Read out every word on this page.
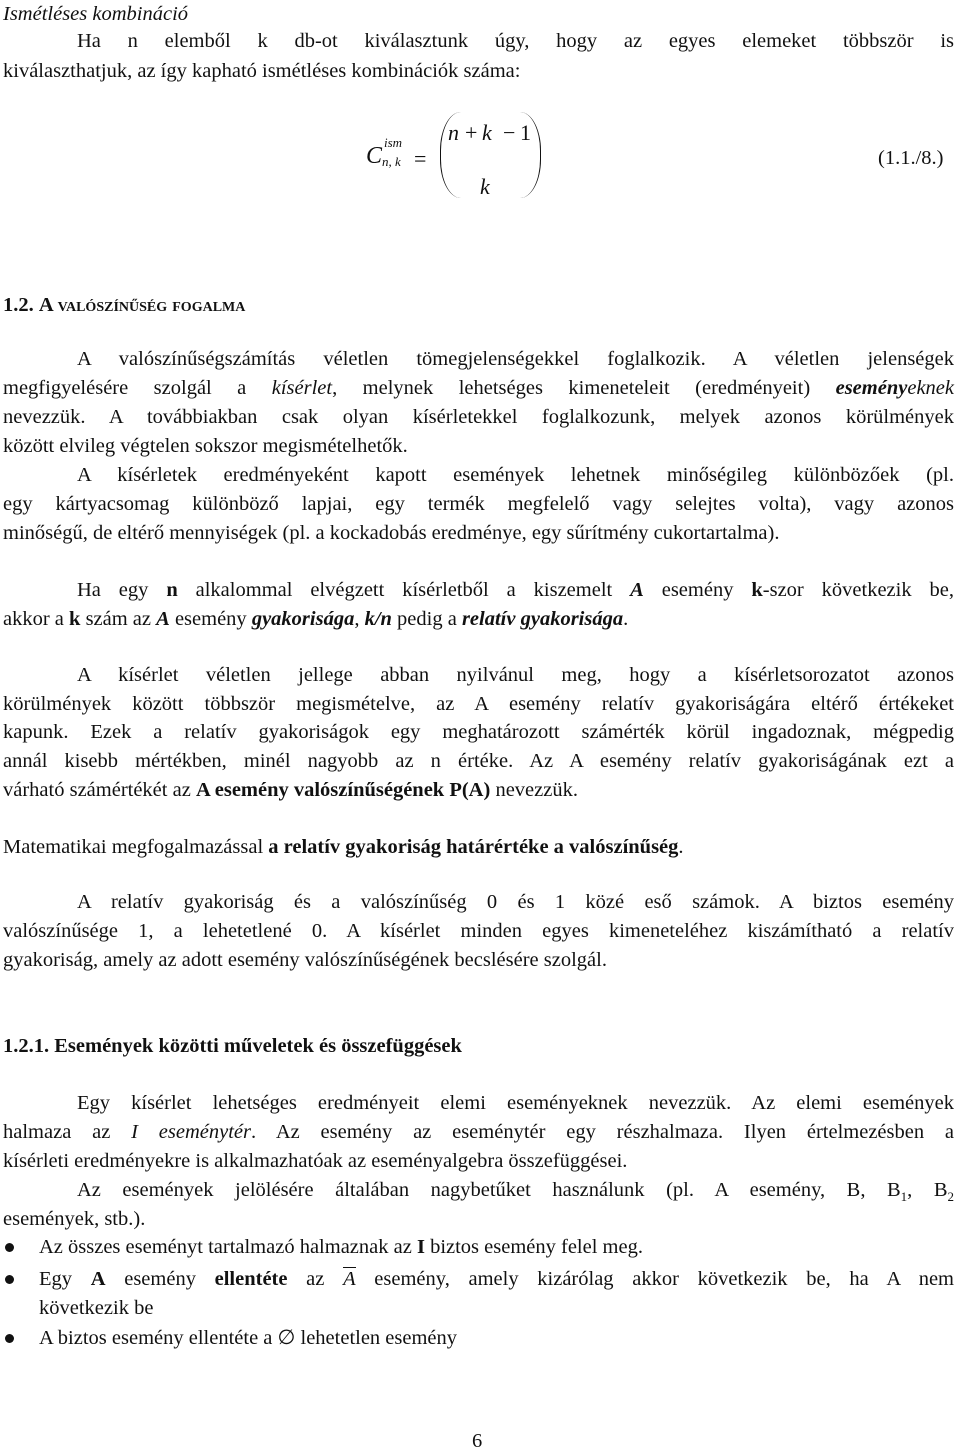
Ismétléses kombináció
Ha n elemből k db-ot kiválasztunk úgy, hogy az egyes elemeket többször is
kiválaszthatjuk, az így kapható ismétléses kombinációk száma:
C
ism
n, k =
n + k − 1
k
(1.1./8.)
1.2. A valószínűség fogalma
A valószínűségszámítás véletlen tömegjelenségekkel foglalkozik. A véletlen jelenségek
megfigyelésére szolgál a kísérlet, melynek lehetséges kimeneteleit (eredményeit) eseményeknek
nevezzük. A továbbiakban csak olyan kísérletekkel foglalkozunk, melyek azonos körülmények
között elvileg végtelen sokszor megismételhetők.
A kísérletek eredményeként kapott események lehetnek minőségileg különbözőek (pl.
egy kártyacsomag különböző lapjai, egy termék megfelelő vagy selejtes volta), vagy azonos
minőségű, de eltérő mennyiségek (pl. a kockadobás eredménye, egy sűrítmény cukortartalma).
Ha egy n alkalommal elvégzett kísérletből a kiszemelt A esemény k-szor következik be,
akkor a k szám az A esemény gyakorisága, k/n pedig a relatív gyakorisága.
A kísérlet véletlen jellege abban nyilvánul meg, hogy a kísérletsorozatot azonos
körülmények között többször megismételve, az A esemény relatív gyakoriságára eltérő értékeket
kapunk. Ezek a relatív gyakoriságok egy meghatározott számérték körül ingadoznak, mégpedig
annál kisebb mértékben, minél nagyobb az n értéke. Az A esemény relatív gyakoriságának ezt a
várható számértékét az A esemény valószínűségének P(A) nevezzük.
Matematikai megfogalmazással a relatív gyakoriság határértéke a valószínűség.
A relatív gyakoriság és a valószínűség 0 és 1 közé eső számok. A biztos esemény
valószínűsége 1, a lehetetlené 0. A kísérlet minden egyes kimeneteléhez kiszámítható a relatív
gyakoriság, amely az adott esemény valószínűségének becslésére szolgál.
1.2.1. Események közötti műveletek és összefüggések
Egy kísérlet lehetséges eredményeit elemi eseményeknek nevezzük. Az elemi események
halmaza az I eseménytér. Az esemény az eseménytér egy részhalmaza. Ilyen értelmezésben a
kísérleti eredményekre is alkalmazhatóak az eseményalgebra összefüggései.
Az események jelölésére általában nagybetűket használunk (pl. A esemény, B, $B_1$, $B_2$
események, stb.).
Az összes eseményt tartalmazó halmaznak az I biztos esemény felel meg.
Egy A esemény ellentéte az A esemény, amely kizárólag akkor következik be, ha A nem
következik be
A biztos esemény ellentéte a ∅ lehetetlen esemény
6
